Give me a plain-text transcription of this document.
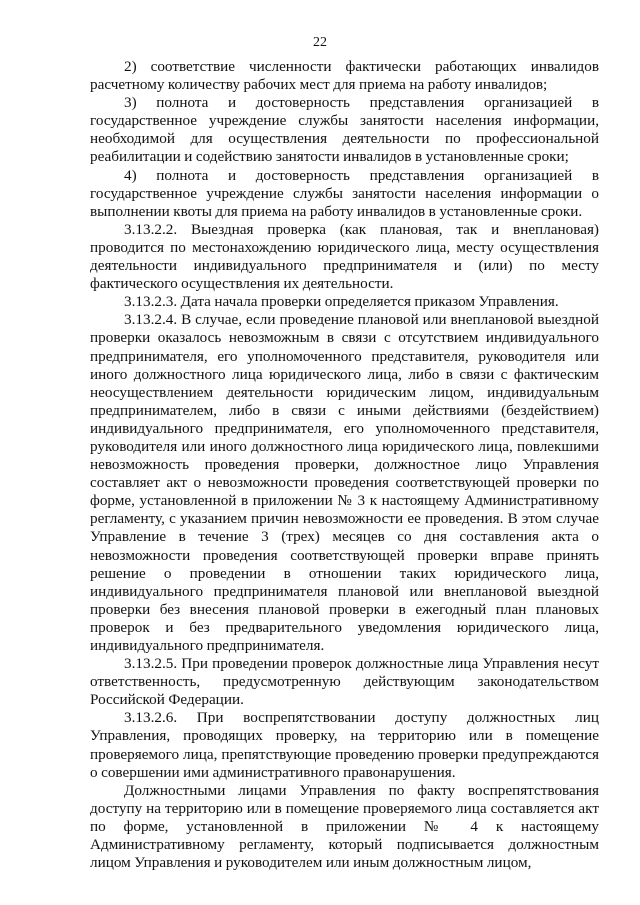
22

2) соответствие численности фактически работающих инвалидов расчетному количеству рабочих мест для приема на работу инвалидов;

3) полнота и достоверность представления организацией в государственное учреждение службы занятости населения информации, необходимой для осуществления деятельности по профессиональной реабилитации и содействию занятости инвалидов в установленные сроки;

4) полнота и достоверность представления организацией в государственное учреждение службы занятости населения информации о выполнении квоты для приема на работу инвалидов в установленные сроки.

3.13.2.2. Выездная проверка (как плановая, так и внеплановая) проводится по местонахождению юридического лица, месту осуществления деятельности индивидуального предпринимателя и (или) по месту фактического осуществления их деятельности.

3.13.2.3. Дата начала проверки определяется приказом Управления.

3.13.2.4. В случае, если проведение плановой или внеплановой выездной проверки оказалось невозможным в связи с отсутствием индивидуального предпринимателя, его уполномоченного представителя, руководителя или иного должностного лица юридического лица, либо в связи с фактическим неосуществлением деятельности юридическим лицом, индивидуальным предпринимателем, либо в связи с иными действиями (бездействием) индивидуального предпринимателя, его уполномоченного представителя, руководителя или иного должностного лица юридического лица, повлекшими невозможность проведения проверки, должностное лицо Управления составляет акт о невозможности проведения соответствующей проверки по форме, установленной в приложении № 3 к настоящему Административному регламенту, с указанием причин невозможности ее проведения. В этом случае Управление в течение 3 (трех) месяцев со дня составления акта о невозможности проведения соответствующей проверки вправе принять решение о проведении в отношении таких юридического лица, индивидуального предпринимателя плановой или внеплановой выездной проверки без внесения плановой проверки в ежегодный план плановых проверок и без предварительного уведомления юридического лица, индивидуального предпринимателя.

3.13.2.5. При проведении проверок должностные лица Управления несут ответственность, предусмотренную действующим законодательством Российской Федерации.

3.13.2.6. При воспрепятствовании доступу должностных лиц Управления, проводящих проверку, на территорию или в помещение проверяемого лица, препятствующие проведению проверки предупреждаются о совершении ими административного правонарушения.

Должностными лицами Управления по факту воспрепятствования доступу на территорию или в помещение проверяемого лица составляется акт по форме, установленной в приложении № 4 к настоящему Административному регламенту, который подписывается должностным лицом Управления и руководителем или иным должностным лицом,
